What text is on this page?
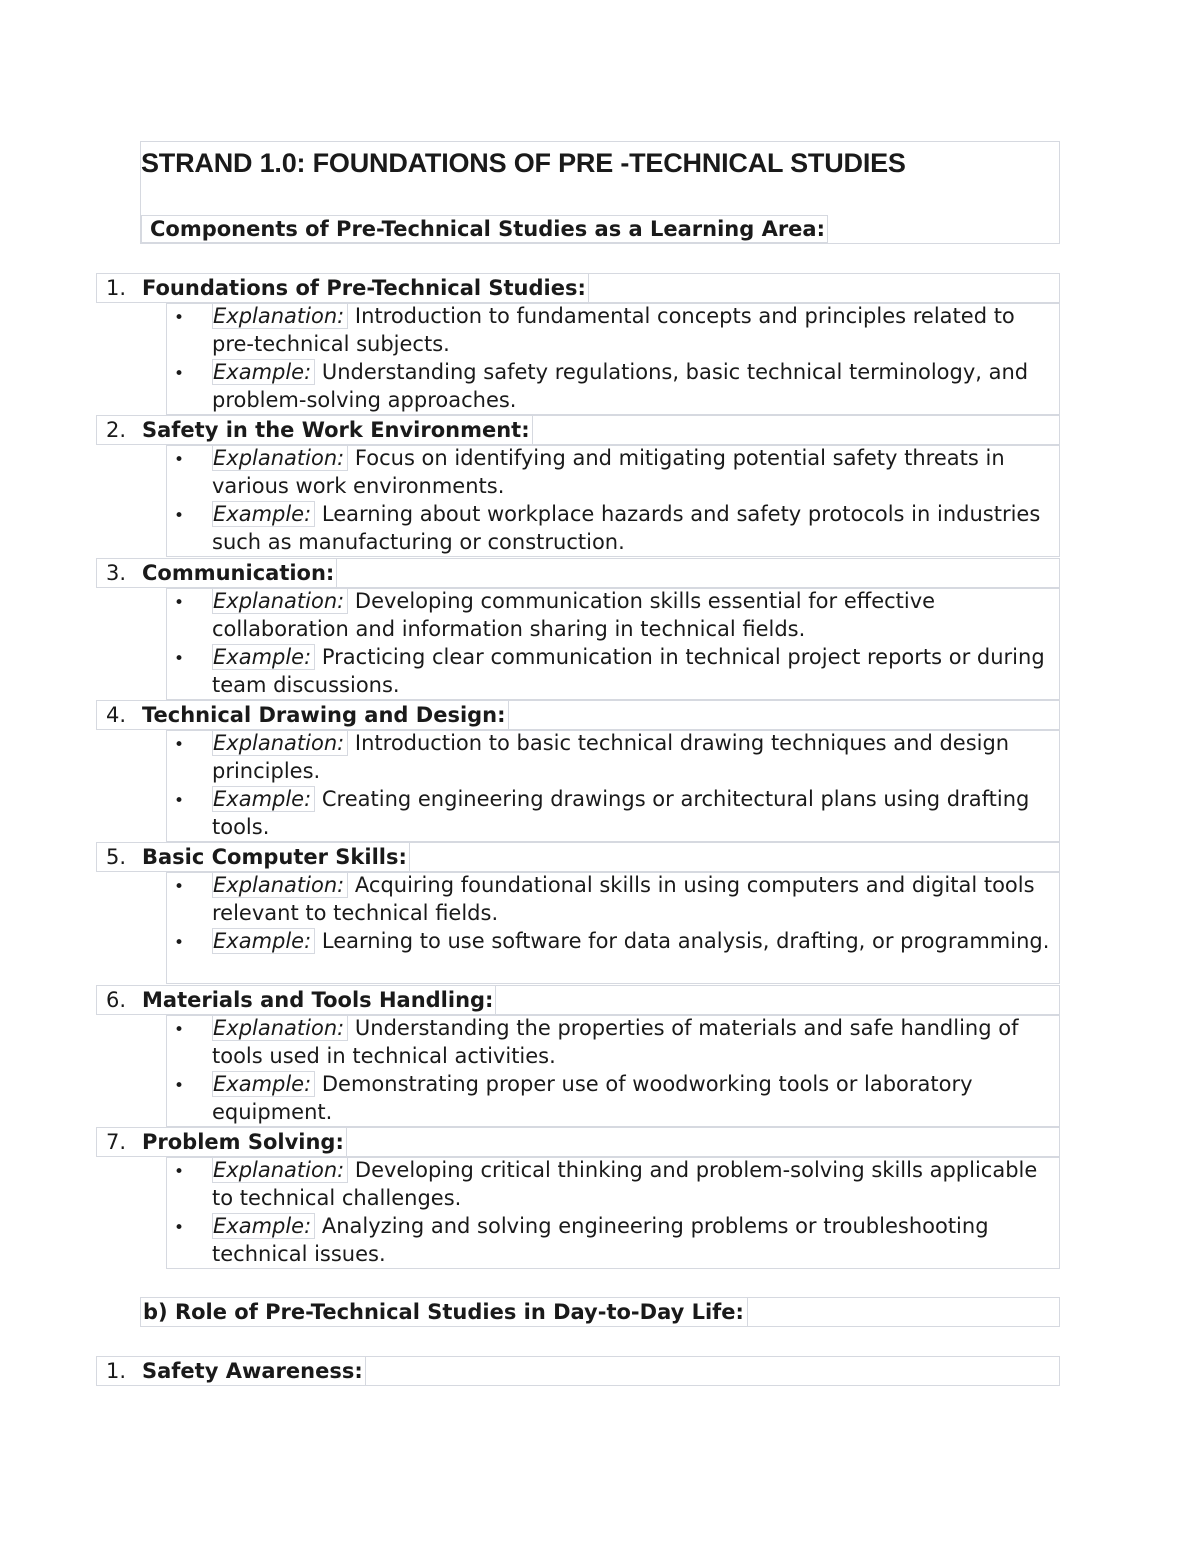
STRAND 1.0: FOUNDATIONS OF PRE -TECHNICAL STUDIES
Components of Pre-Technical Studies as a Learning Area:
1. Foundations of Pre-Technical Studies:
• Explanation: Introduction to fundamental concepts and principles related to pre-technical subjects.
• Example: Understanding safety regulations, basic technical terminology, and problem-solving approaches.
2. Safety in the Work Environment:
• Explanation: Focus on identifying and mitigating potential safety threats in various work environments.
• Example: Learning about workplace hazards and safety protocols in industries such as manufacturing or construction.
3. Communication:
• Explanation: Developing communication skills essential for effective collaboration and information sharing in technical fields.
• Example: Practicing clear communication in technical project reports or during team discussions.
4. Technical Drawing and Design:
• Explanation: Introduction to basic technical drawing techniques and design principles.
• Example: Creating engineering drawings or architectural plans using drafting tools.
5. Basic Computer Skills:
• Explanation: Acquiring foundational skills in using computers and digital tools relevant to technical fields.
• Example: Learning to use software for data analysis, drafting, or programming.
6. Materials and Tools Handling:
• Explanation: Understanding the properties of materials and safe handling of tools used in technical activities.
• Example: Demonstrating proper use of woodworking tools or laboratory equipment.
7. Problem Solving:
• Explanation: Developing critical thinking and problem-solving skills applicable to technical challenges.
• Example: Analyzing and solving engineering problems or troubleshooting technical issues.
b) Role of Pre-Technical Studies in Day-to-Day Life:
1. Safety Awareness:
